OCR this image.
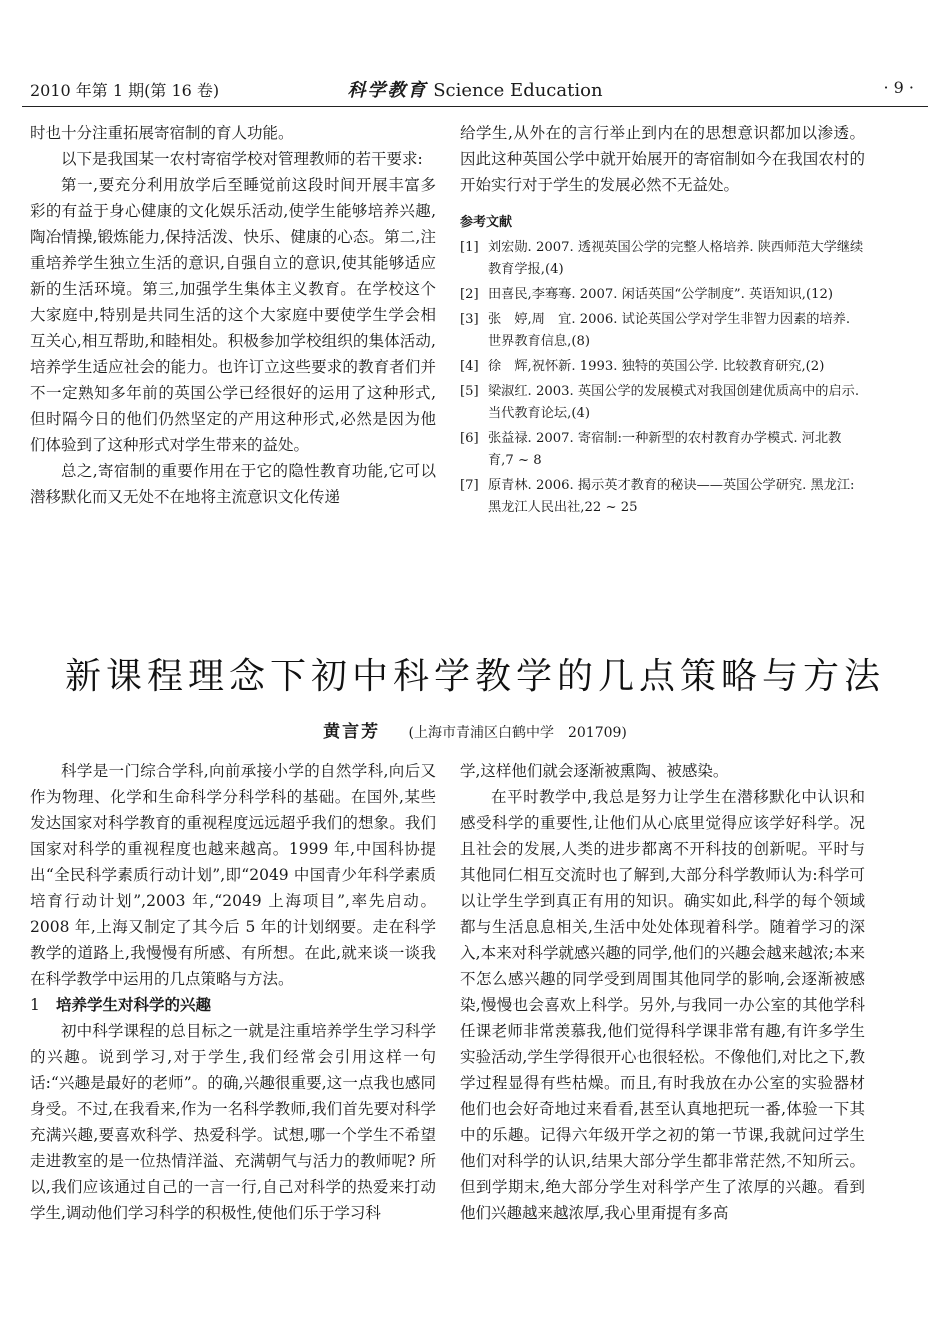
2010 年第 1 期(第 16 卷)	科学教育 Science Education	· 9 ·

时也十分注重拓展寄宿制的育人功能。

以下是我国某一农村寄宿学校对管理教师的若干要求:

第一,要充分利用放学后至睡觉前这段时间开展丰富多彩的有益于身心健康的文化娱乐活动,使学生能够培养兴趣,陶冶情操,锻炼能力,保持活泼、快乐、健康的心态。第二,注重培养学生独立生活的意识,自强自立的意识,使其能够适应新的生活环境。第三,加强学生集体主义教育。在学校这个大家庭中,特别是共同生活的这个大家庭中要使学生学会相互关心,相互帮助,和睦相处。积极参加学校组织的集体活动,培养学生适应社会的能力。也许订立这些要求的教育者们并不一定熟知多年前的英国公学已经很好的运用了这种形式,但时隔今日的他们仍然坚定的产用这种形式,必然是因为他们体验到了这种形式对学生带来的益处。

总之,寄宿制的重要作用在于它的隐性教育功能,它可以潜移默化而又无处不在地将主流意识文化传递

给学生,从外在的言行举止到内在的思想意识都加以渗透。因此这种英国公学中就开始展开的寄宿制如今在我国农村的开始实行对于学生的发展必然不无益处。

参考文献
[1] 刘宏勋. 2007. 透视英国公学的完整人格培养. 陕西师范大学继续教育学报,(4)
[2] 田喜民,李骞骞. 2007. 闲话英国“公学制度”. 英语知识,(12)
[3] 张　婷,周　宜. 2006. 试论英国公学对学生非智力因素的培养. 世界教育信息,(8)
[4] 徐　辉,祝怀新. 1993. 独特的英国公学. 比较教育研究,(2)
[5] 梁淑红. 2003. 英国公学的发展模式对我国创建优质高中的启示. 当代教育论坛,(4)
[6] 张益禄. 2007. 寄宿制:一种新型的农村教育办学模式. 河北教育,7 ~ 8
[7] 原青林. 2006. 揭示英才教育的秘诀——英国公学研究. 黑龙江:黑龙江人民出社,22 ~ 25
新课程理念下初中科学教学的几点策略与方法
黄言芳 (上海市青浦区白鹤中学　201709)

科学是一门综合学科,向前承接小学的自然学科,向后又作为物理、化学和生命科学分科学科的基础。在国外,某些发达国家对科学教育的重视程度远远超乎我们的想象。我们国家对科学的重视程度也越来越高。1999 年,中国科协提出“全民科学素质行动计划”,即“2049 中国青少年科学素质培育行动计划”,2003 年,“2049 上海项目”,率先启动。2008 年,上海又制定了其今后 5 年的计划纲要。走在科学教学的道路上,我慢慢有所感、有所想。在此,就来谈一谈我在科学教学中运用的几点策略与方法。

1 培养学生对科学的兴趣

初中科学课程的总目标之一就是注重培养学生学习科学的兴趣。说到学习,对于学生,我们经常会引用这样一句话:“兴趣是最好的老师”。的确,兴趣很重要,这一点我也感同身受。不过,在我看来,作为一名科学教师,我们首先要对科学充满兴趣,要喜欢科学、热爱科学。试想,哪一个学生不希望走进教室的是一位热情洋溢、充满朝气与活力的教师呢? 所以,我们应该通过自己的一言一行,自己对科学的热爱来打动学生,调动他们学习科学的积极性,使他们乐于学习科

学,这样他们就会逐渐被熏陶、被感染。

在平时教学中,我总是努力让学生在潜移默化中认识和感受科学的重要性,让他们从心底里觉得应该学好科学。况且社会的发展,人类的进步都离不开科技的创新呢。平时与其他同仁相互交流时也了解到,大部分科学教师认为:科学可以让学生学到真正有用的知识。确实如此,科学的每个领域都与生活息息相关,生活中处处体现着科学。随着学习的深入,本来对科学就感兴趣的同学,他们的兴趣会越来越浓;本来不怎么感兴趣的同学受到周围其他同学的影响,会逐渐被感染,慢慢也会喜欢上科学。另外,与我同一办公室的其他学科任课老师非常羡慕我,他们觉得科学课非常有趣,有许多学生实验活动,学生学得很开心也很轻松。不像他们,对比之下,教学过程显得有些枯燥。而且,有时我放在办公室的实验器材他们也会好奇地过来看看,甚至认真地把玩一番,体验一下其中的乐趣。记得六年级开学之初的第一节课,我就问过学生他们对科学的认识,结果大部分学生都非常茫然,不知所云。但到学期末,绝大部分学生对科学产生了浓厚的兴趣。看到他们兴趣越来越浓厚,我心里甭提有多高
